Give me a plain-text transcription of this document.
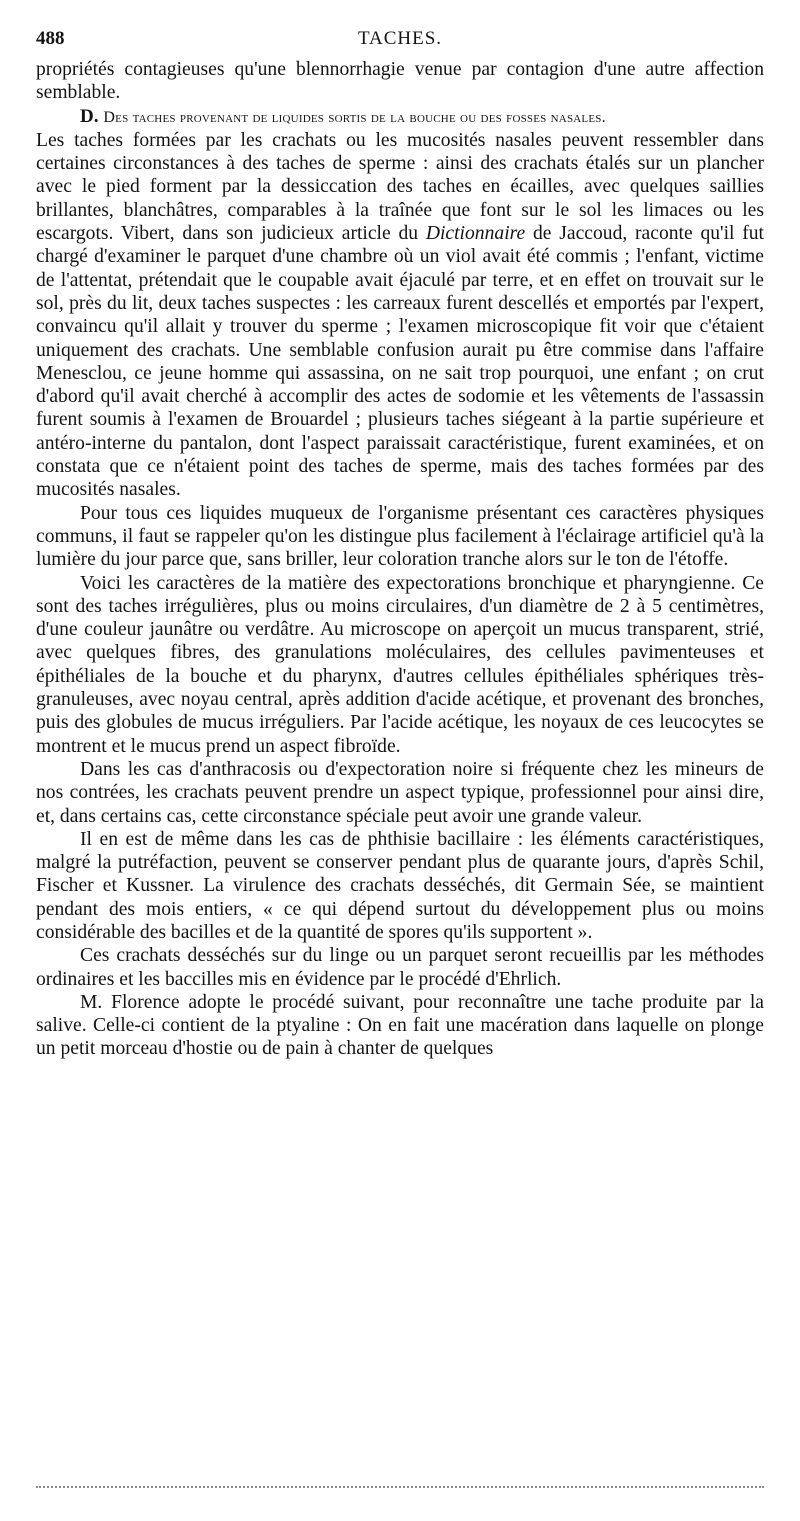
488	TACHES.

propriétés contagieuses qu'une blennorrhagie venue par contagion d'une autre affection semblable.

D. Des taches provenant de liquides sortis de la bouche ou des fosses nasales.

Les taches formées par les crachats ou les mucosités nasales peuvent ressembler dans certaines circonstances à des taches de sperme : ainsi des crachats étalés sur un plancher avec le pied forment par la dessiccation des taches en écailles, avec quelques saillies brillantes, blanchâtres, comparables à la traînée que font sur le sol les limaces ou les escargots. Vibert, dans son judicieux article du Dictionnaire de Jaccoud, raconte qu'il fut chargé d'examiner le parquet d'une chambre où un viol avait été commis ; l'enfant, victime de l'attentat, prétendait que le coupable avait éjaculé par terre, et en effet on trouvait sur le sol, près du lit, deux taches suspectes : les carreaux furent descellés et emportés par l'expert, convaincu qu'il allait y trouver du sperme ; l'examen microscopique fit voir que c'étaient uniquement des crachats. Une semblable confusion aurait pu être commise dans l'affaire Menesclou, ce jeune homme qui assassina, on ne sait trop pourquoi, une enfant ; on crut d'abord qu'il avait cherché à accomplir des actes de sodomie et les vêtements de l'assassin furent soumis à l'examen de Brouardel ; plusieurs taches siégeant à la partie supérieure et antéro-interne du pantalon, dont l'aspect paraissait caractéristique, furent examinées, et on constata que ce n'étaient point des taches de sperme, mais des taches formées par des mucosités nasales.

Pour tous ces liquides muqueux de l'organisme présentant ces caractères physiques communs, il faut se rappeler qu'on les distingue plus facilement à l'éclairage artificiel qu'à la lumière du jour parce que, sans briller, leur coloration tranche alors sur le ton de l'étoffe.

Voici les caractères de la matière des expectorations bronchique et pharyngienne. Ce sont des taches irrégulières, plus ou moins circulaires, d'un diamètre de 2 à 5 centimètres, d'une couleur jaunâtre ou verdâtre. Au microscope on aperçoit un mucus transparent, strié, avec quelques fibres, des granulations moléculaires, des cellules pavimenteuses et épithéliales de la bouche et du pharynx, d'autres cellules épithéliales sphériques très-granuleuses, avec noyau central, après addition d'acide acétique, et provenant des bronches, puis des globules de mucus irréguliers. Par l'acide acétique, les noyaux de ces leucocytes se montrent et le mucus prend un aspect fibroïde.

Dans les cas d'anthracosis ou d'expectoration noire si fréquente chez les mineurs de nos contrées, les crachats peuvent prendre un aspect typique, professionnel pour ainsi dire, et, dans certains cas, cette circonstance spéciale peut avoir une grande valeur.

Il en est de même dans les cas de phthisie bacillaire : les éléments caractéristiques, malgré la putréfaction, peuvent se conserver pendant plus de quarante jours, d'après Schil, Fischer et Kussner. La virulence des crachats desséchés, dit Germain Sée, se maintient pendant des mois entiers, « ce qui dépend surtout du développement plus ou moins considérable des bacilles et de la quantité de spores qu'ils supportent ».

Ces crachats desséchés sur du linge ou un parquet seront recueillis par les méthodes ordinaires et les baccilles mis en évidence par le procédé d'Ehrlich.

M. Florence adopte le procédé suivant, pour reconnaître une tache produite par la salive. Celle-ci contient de la ptyaline : On en fait une macération dans laquelle on plonge un petit morceau d'hostie ou de pain à chanter de quelques
